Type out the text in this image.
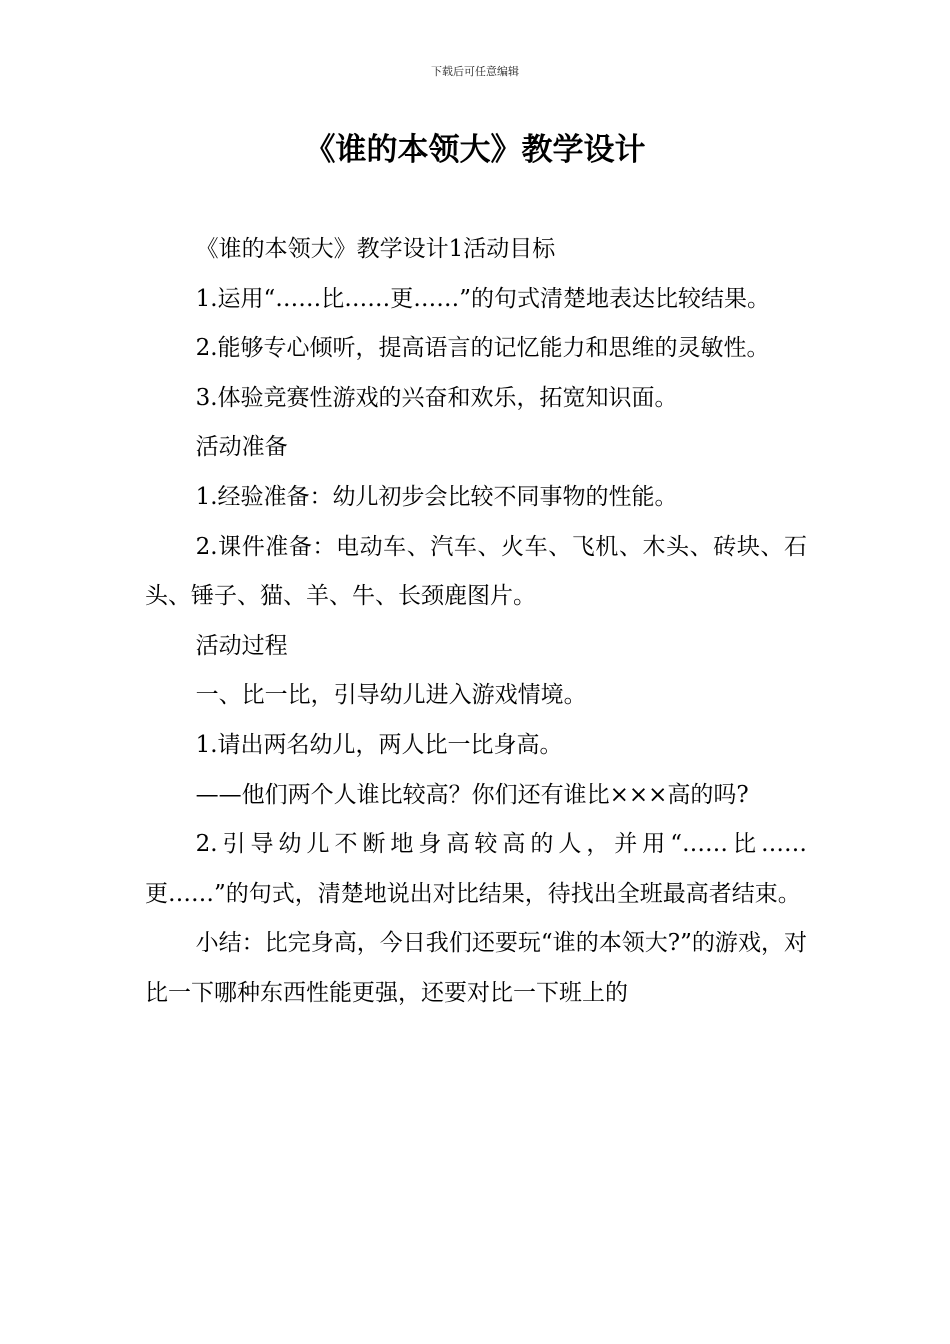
下载后可任意编辑
《谁的本领大》教学设计

《谁的本领大》教学设计1活动目标

1.运用“……比……更……”的句式清楚地表达比较结果。

2.能够专心倾听，提高语言的记忆能力和思维的灵敏性。

3.体验竞赛性游戏的兴奋和欢乐，拓宽知识面。

活动准备

1.经验准备：幼儿初步会比较不同事物的性能。

2.课件准备：电动车、汽车、火车、飞机、木头、砖块、石头、锤子、猫、羊、牛、长颈鹿图片。

活动过程

一、比一比，引导幼儿进入游戏情境。

1.请出两名幼儿，两人比一比身高。

——他们两个人谁比较高？你们还有谁比×××高的吗?

2.引导幼儿不断地身高较高的人，并用“……比……更……”的句式，清楚地说出对比结果，待找出全班最高者结束。

小结：比完身高，今日我们还要玩“谁的本领大?”的游戏，对比一下哪种东西性能更强，还要对比一下班上的
